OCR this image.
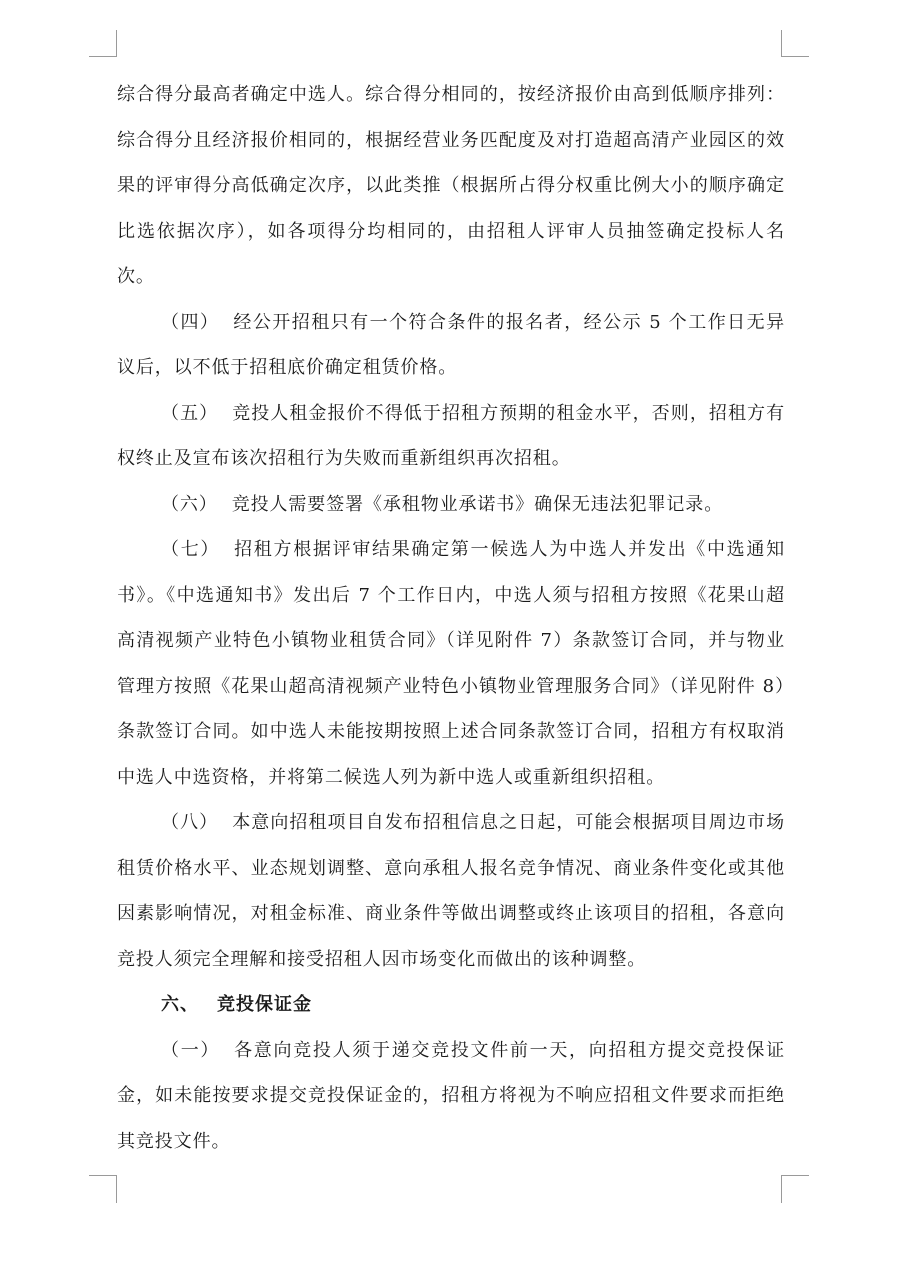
综合得分最高者确定中选人。综合得分相同的，按经济报价由高到低顺序排列：综合得分且经济报价相同的，根据经营业务匹配度及对打造超高清产业园区的效果的评审得分高低确定次序，以此类推（根据所占得分权重比例大小的顺序确定比选依据次序），如各项得分均相同的，由招租人评审人员抽签确定投标人名次。

（四） 经公开招租只有一个符合条件的报名者，经公示 5 个工作日无异议后，以不低于招租底价确定租赁价格。

（五） 竞投人租金报价不得低于招租方预期的租金水平，否则，招租方有权终止及宣布该次招租行为失败而重新组织再次招租。

（六） 竞投人需要签署《承租物业承诺书》确保无违法犯罪记录。

（七） 招租方根据评审结果确定第一候选人为中选人并发出《中选通知书》。《中选通知书》发出后 7 个工作日内，中选人须与招租方按照《花果山超高清视频产业特色小镇物业租赁合同》（详见附件 7）条款签订合同，并与物业管理方按照《花果山超高清视频产业特色小镇物业管理服务合同》（详见附件 8）条款签订合同。如中选人未能按期按照上述合同条款签订合同，招租方有权取消中选人中选资格，并将第二候选人列为新中选人或重新组织招租。

（八） 本意向招租项目自发布招租信息之日起，可能会根据项目周边市场租赁价格水平、业态规划调整、意向承租人报名竞争情况、商业条件变化或其他因素影响情况，对租金标准、商业条件等做出调整或终止该项目的招租，各意向竞投人须完全理解和接受招租人因市场变化而做出的该种调整。

六、 竞投保证金

（一） 各意向竞投人须于递交竞投文件前一天，向招租方提交竞投保证金，如未能按要求提交竞投保证金的，招租方将视为不响应招租文件要求而拒绝其竞投文件。
